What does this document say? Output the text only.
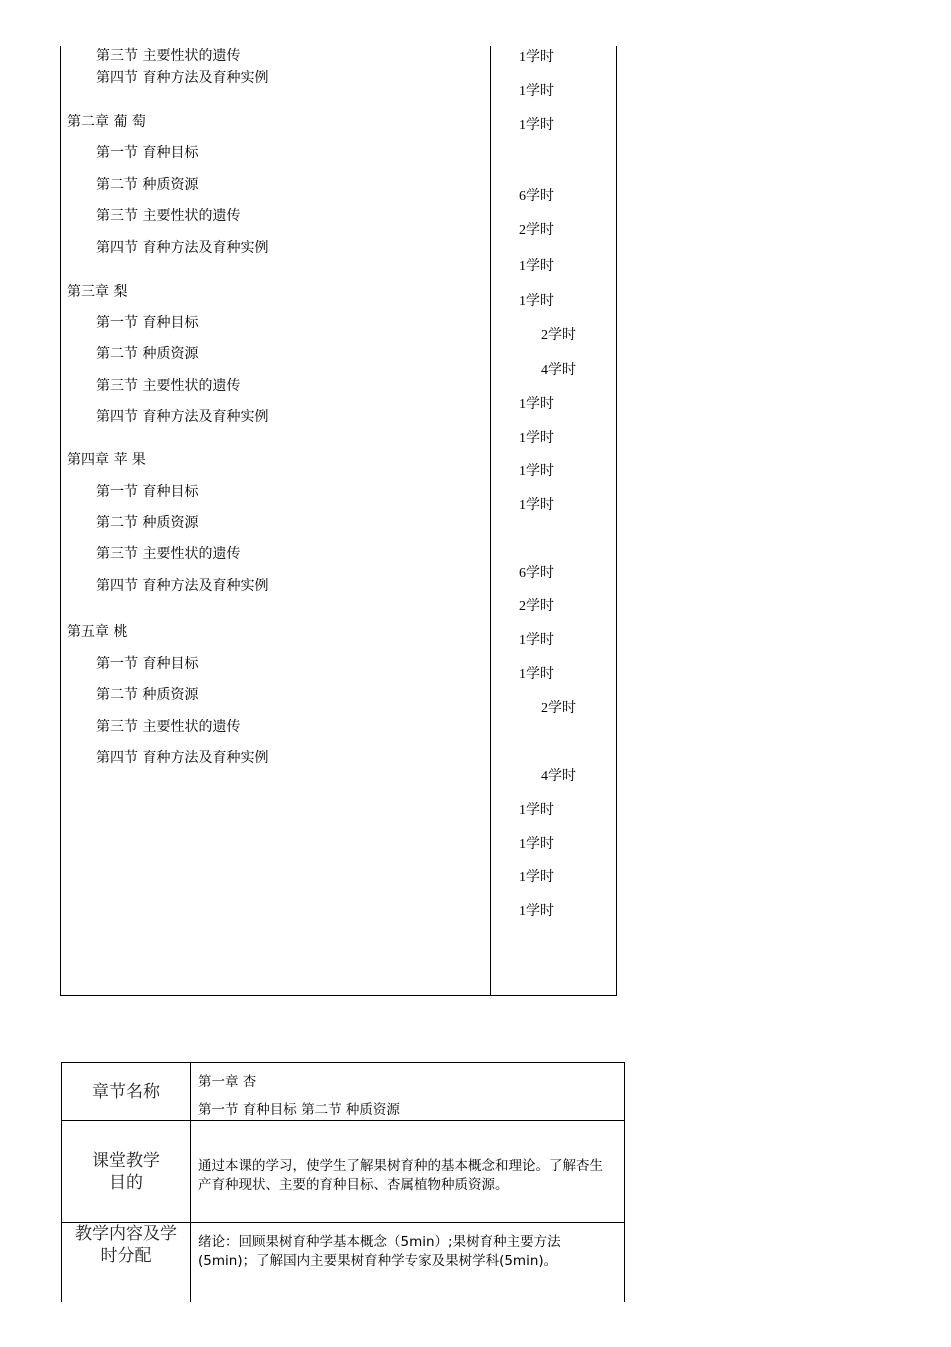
第三节 主要性状的遗传
第四节 育种方法及育种实例
第二章 葡 萄
第一节 育种目标
第二节 种质资源
第三节 主要性状的遗传
第四节 育种方法及育种实例
第三章 梨
第一节 育种目标
第二节 种质资源
第三节 主要性状的遗传
第四节 育种方法及育种实例
第四章 苹 果
第一节 育种目标
第二节 种质资源
第三节 主要性状的遗传
第四节 育种方法及育种实例
第五章 桃
第一节 育种目标
第二节 种质资源
第三节 主要性状的遗传
第四节 育种方法及育种实例
1学时
1学时
1学时
6学时
2学时
1学时
1学时
2学时
4学时
1学时
1学时
1学时
1学时
6学时
2学时
1学时
1学时
2学时
4学时
1学时
1学时
1学时
1学时
章节名称	第一章 杏
第一节 育种目标 第二节 种质资源
课堂教学
目的
通过本课的学习，使学生了解果树育种的基本概念和理论。了解杏生产育种现状、主要的育种目标、杏属植物种质资源。
教学内容及学
时分配
绪论：回顾果树育种学基本概念（5min）;果树育种主要方法
(5min)；了解国内主要果树育种学专家及果树学科(5min)。
